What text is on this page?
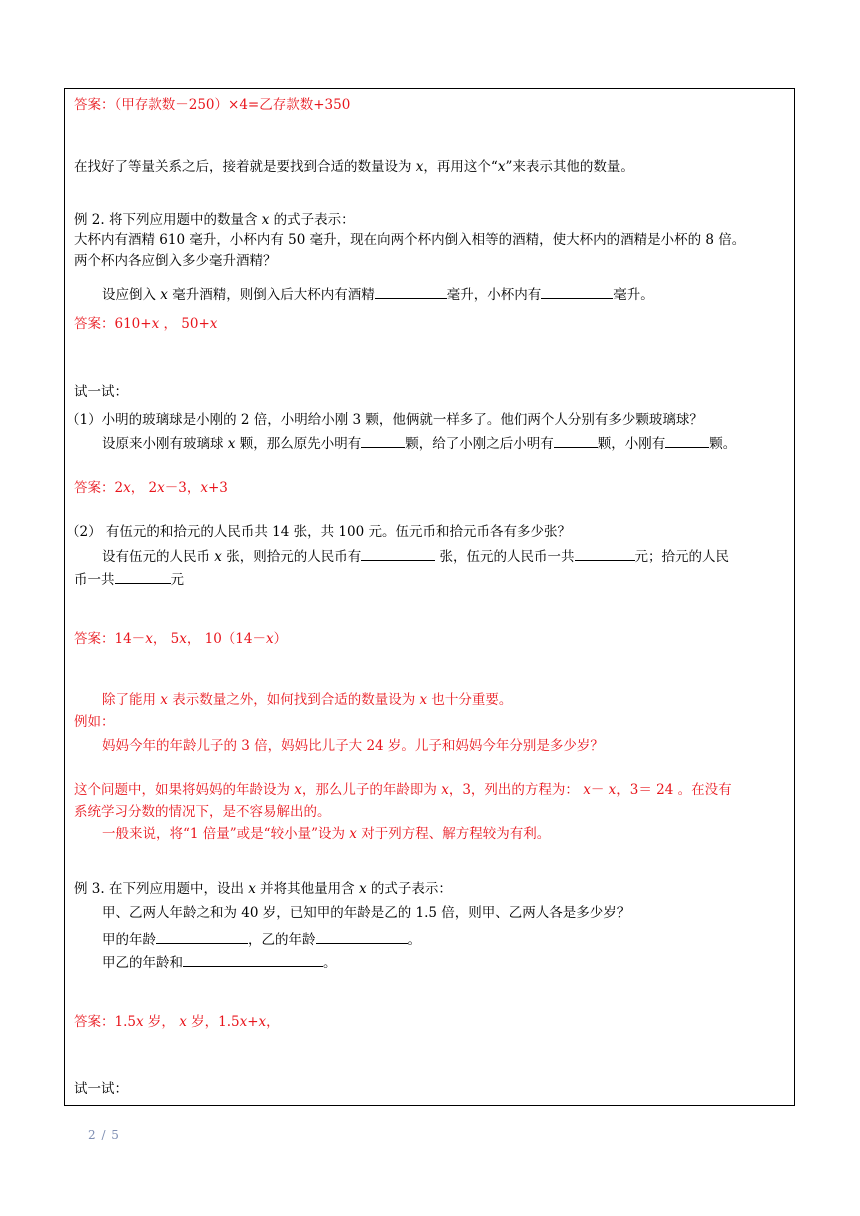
答案：（甲存款数－250）×4=乙存款数+350
在找好了等量关系之后，接着就是要找到合适的数量设为 x，再用这个“x”来表示其他的数量。
例 2. 将下列应用题中的数量含 x 的式子表示：
大杯内有酒精 610 毫升，小杯内有 50 毫升，现在向两个杯内倒入相等的酒精，使大杯内的酒精是小杯的 8 倍。
两个杯内各应倒入多少毫升酒精？
设应倒入 x 毫升酒精，则倒入后大杯内有酒精	毫升，小杯内有	毫升。
答案：610+x ， 50+x
试一试：
（1）小明的玻璃球是小刚的 2 倍，小明给小刚 3 颗，他俩就一样多了。他们两个人分别有多少颗玻璃球？
设原来小刚有玻璃球 x 颗，那么原先小明有	颗，给了小刚之后小明有	颗，小刚有	颗。
答案：2x， 2x－3，x+3
（2） 有伍元的和拾元的人民币共 14 张，共 100 元。伍元币和拾元币各有多少张？
设有伍元的人民币 x 张，则拾元的人民币有	张，伍元的人民币一共	元；拾元的人民
币一共	元
答案：14－x， 5x， 10（14－x）
除了能用 x 表示数量之外，如何找到合适的数量设为 x 也十分重要。
例如：
妈妈今年的年龄儿子的 3 倍，妈妈比儿子大 24 岁。儿子和妈妈今年分别是多少岁？
这个问题中，如果将妈妈的年龄设为 x，那么儿子的年龄即为 x，3，列出的方程为： x－ x，3＝ 24 。在没有
系统学习分数的情况下，是不容易解出的。
一般来说，将“1 倍量”或是“较小量”设为 x 对于列方程、解方程较为有利。
例 3. 在下列应用题中，设出 x 并将其他量用含 x 的式子表示：
甲、乙两人年龄之和为 40 岁，已知甲的年龄是乙的 1.5 倍，则甲、乙两人各是多少岁？
甲的年龄	，乙的年龄	。
甲乙的年龄和	。
答案：1.5x 岁， x 岁，1.5x+x，
试一试：
2 / 5
